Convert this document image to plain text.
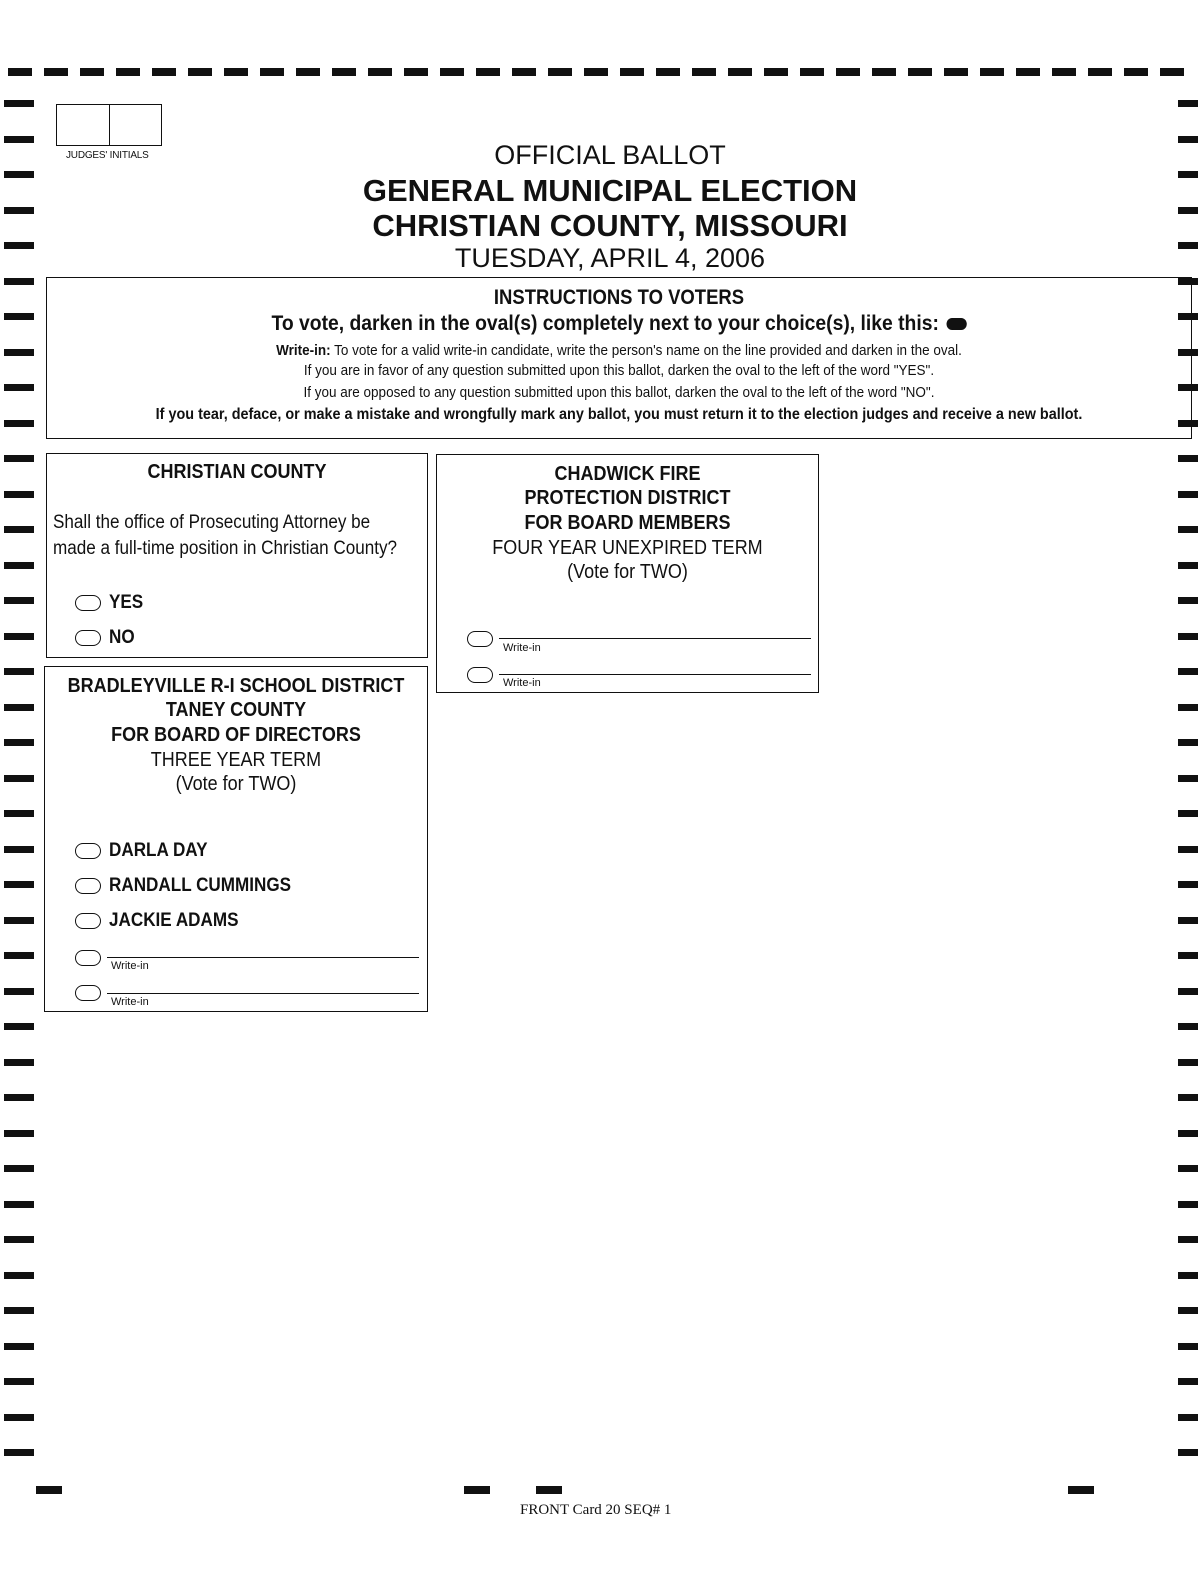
JUDGES' INITIALS	OFFICIAL BALLOT
GENERAL MUNICIPAL ELECTION
CHRISTIAN COUNTY, MISSOURI
TUESDAY, APRIL 4, 2006
INSTRUCTIONS TO VOTERS
To vote, darken in the oval(s) completely next to your choice(s), like this:
Write-in: To vote for a valid write-in candidate, write the person's name on the line provided and darken in the oval.
If you are in favor of any question submitted upon this ballot, darken the oval to the left of the word "YES".
If you are opposed to any question submitted upon this ballot, darken the oval to the left of the word "NO".
If you tear, deface, or make a mistake and wrongfully mark any ballot, you must return it to the election judges and receive a new ballot.
CHRISTIAN COUNTY
Shall the office of Prosecuting Attorney be
made a full-time position in Christian County?
YES
NO
BRADLEYVILLE R-I SCHOOL DISTRICT
TANEY COUNTY
FOR BOARD OF DIRECTORS
THREE YEAR TERM
(Vote for TWO)
DARLA DAY
RANDALL CUMMINGS
JACKIE ADAMS
Write-in
Write-in
CHADWICK FIRE
PROTECTION DISTRICT
FOR BOARD MEMBERS
FOUR YEAR UNEXPIRED TERM
(Vote for TWO)
Write-in
Write-in
FRONT Card 20 SEQ# 1
